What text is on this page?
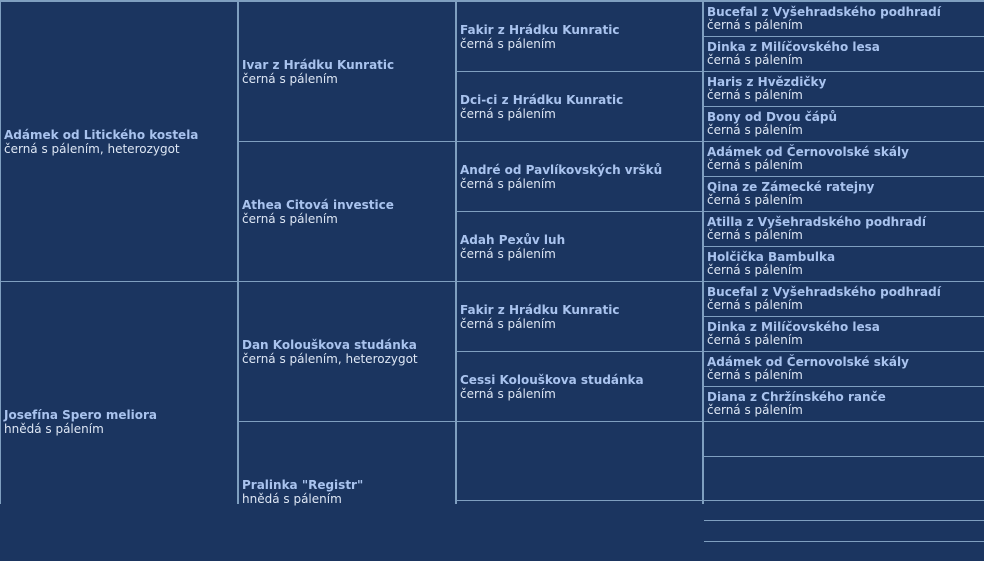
Adámek od Litického kostela
černá s pálením, heterozygot
Josefína Spero meliora
hnědá s pálením
Ivar z Hrádku Kunratic
černá s pálením
Athea Citová investice
černá s pálením
Dan Kolouškova studánka
černá s pálením, heterozygot
Pralinka "Registr"
hnědá s pálením
Fakir z Hrádku Kunratic
černá s pálením
Dci-ci z Hrádku Kunratic
černá s pálením
André od Pavlíkovských vršků
černá s pálením
Adah Pexův luh
černá s pálením
Fakir z Hrádku Kunratic
černá s pálením
Cessi Kolouškova studánka
černá s pálením
Bucefal z Vyšehradského podhradí
černá s pálením
Dinka z Milíčovského lesa
černá s pálením
Haris z Hvězdičky
černá s pálením
Bony od Dvou čápů
černá s pálením
Adámek od Černovolské skály
černá s pálením
Qina ze Zámecké ratejny
černá s pálením
Atilla z Vyšehradského podhradí
černá s pálením
Holčička Bambulka
černá s pálením
Bucefal z Vyšehradského podhradí
černá s pálením
Dinka z Milíčovského lesa
černá s pálením
Adámek od Černovolské skály
černá s pálením
Diana z Chržínského ranče
černá s pálením
